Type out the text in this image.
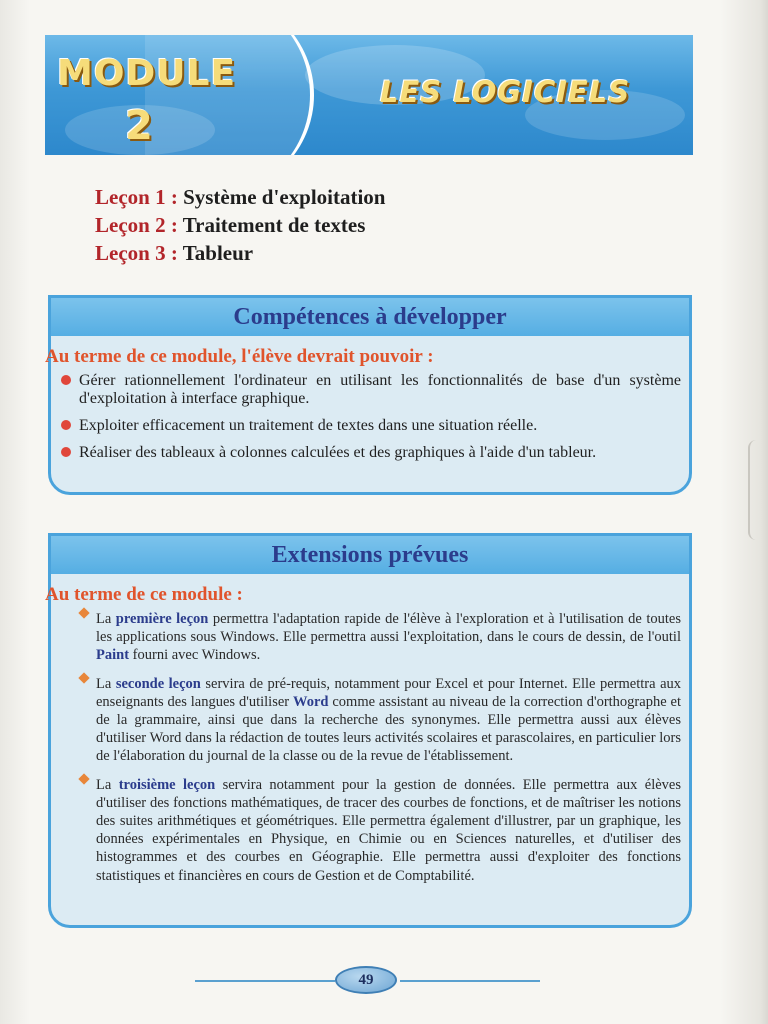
MODULE
2
LES LOGICIELS
Leçon 1 : Système d'exploitation
Leçon 2 : Traitement de textes
Leçon 3 : Tableur
Compétences à développer
Au terme de ce module, l'élève devrait pouvoir :
Gérer rationnellement l'ordinateur en utilisant les fonctionnalités de base d'un système d'exploitation à interface graphique.
Exploiter efficacement un traitement de textes dans une situation réelle.
Réaliser des tableaux à colonnes calculées et des graphiques à l'aide d'un tableur.
Extensions prévues
Au terme de ce module :
La première leçon permettra l'adaptation rapide de l'élève à l'exploration et à l'utilisation de toutes les applications sous Windows. Elle permettra aussi l'exploitation, dans le cours de dessin, de l'outil Paint fourni avec Windows.
La seconde leçon servira de pré-requis, notamment pour Excel et pour Internet. Elle permettra aux enseignants des langues d'utiliser Word comme assistant au niveau de la correction d'orthographe et de la grammaire, ainsi que dans la recherche des synonymes. Elle permettra aussi aux élèves d'utiliser Word dans la rédaction de toutes leurs activités scolaires et parascolaires, en particulier lors de l'élaboration du journal de la classe ou de la revue de l'établissement.
La troisième leçon servira notamment pour la gestion de données. Elle permettra aux élèves d'utiliser des fonctions mathématiques, de tracer des courbes de fonctions, et de maîtriser les notions des suites arithmétiques et géométriques. Elle permettra également d'illustrer, par un graphique, les données expérimentales en Physique, en Chimie ou en Sciences naturelles, et d'utiliser des histogrammes et des courbes en Géographie. Elle permettra aussi d'exploiter des fonctions statistiques et financières en cours de Gestion et de Comptabilité.
49
